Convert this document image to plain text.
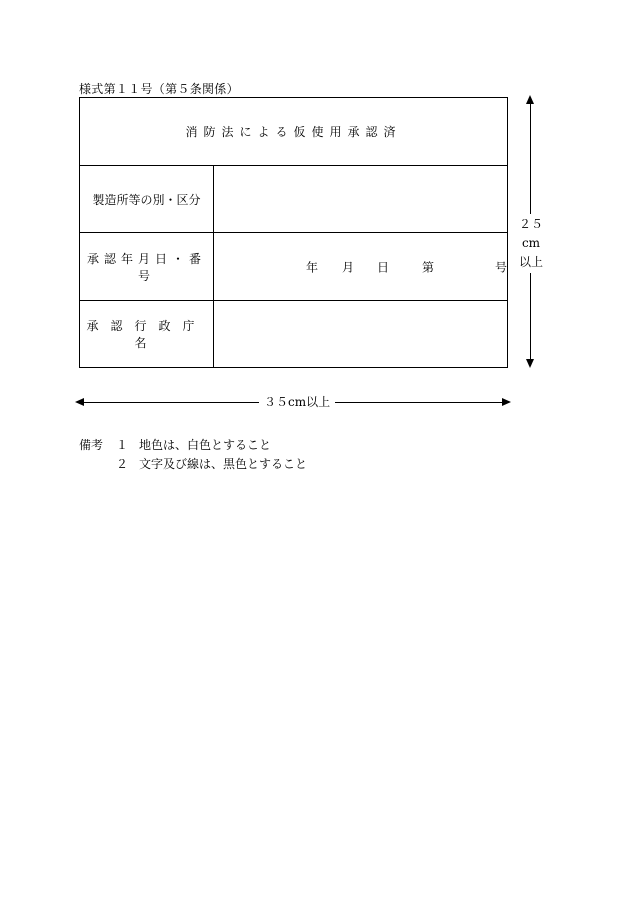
様式第１１号（第５条関係）
消防法による仮使用承認済	
製造所等の別・区分	
承認年月日・番号	年 月 日 第 号

承認行政庁名	
２５cm
以上
３５cm以上
備考	１ 地色は、白色とすること
２ 文字及び線は、黒色とすること
